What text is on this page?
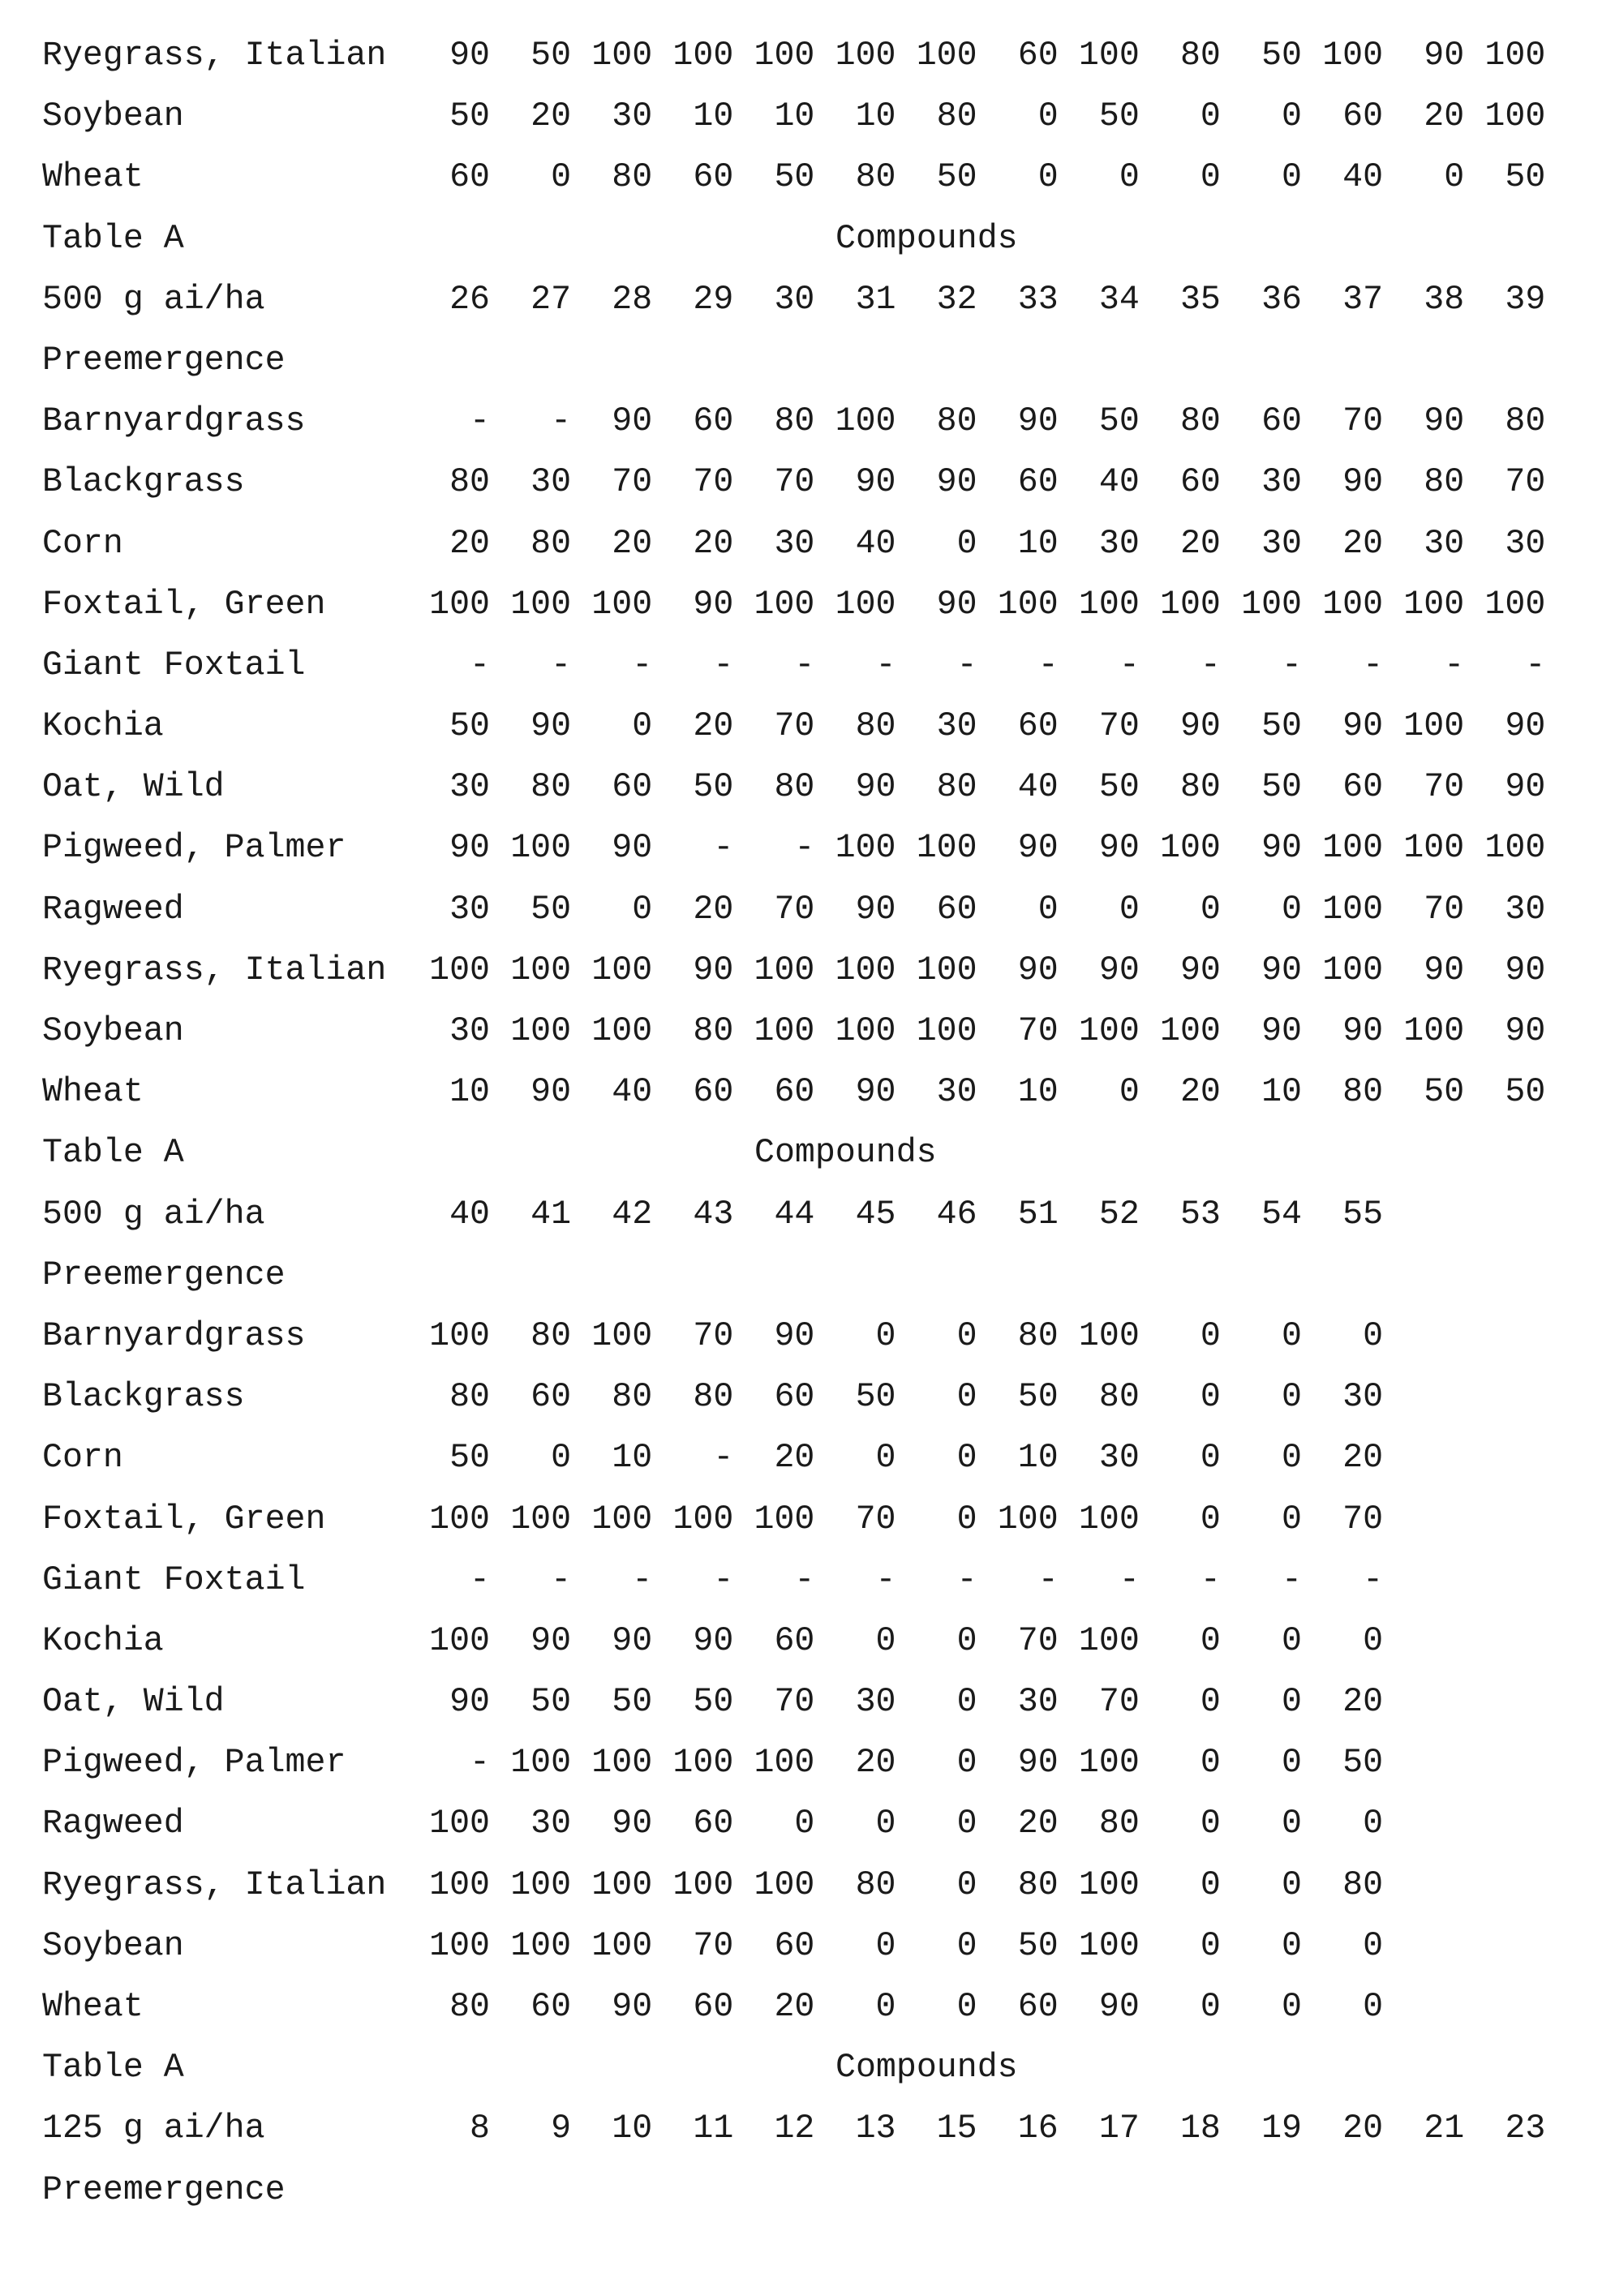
Ryegrass, Italian	90	50 100 100 100 100 100	60 100	80	50 100	90 100
Soybean	50	20	30	10	10	10	80	0	50	0	0	60	20 100
Wheat	60	0	80	60	50	80	50	0	0	0	0	40	0	50
Table A	Compounds
500 g ai/ha	26	27	28	29	30	31	32	33	34	35	36	37	38	39
Preemergence
Barnyardgrass	-	-	90	60	80 100	80	90	50	80	60	70	90	80
Blackgrass	80	30	70	70	70	90	90	60	40	60	30	90	80	70
Corn	20	80	20	20	30	40	0	10	30	20	30	20	30	30
Foxtail, Green	100 100 100	90 100 100	90 100 100 100 100 100 100 100
Giant Foxtail	-	-	-	-	-	-	-	-	-	-	-	-	-	-
Kochia	50	90	0	20	70	80	30	60	70	90	50	90 100	90
Oat, Wild	30	80	60	50	80	90	80	40	50	80	50	60	70	90
Pigweed, Palmer	90 100	90	-	- 100 100	90	90 100	90 100 100 100
Ragweed	30	50	0	20	70	90	60	0	0	0	0 100	70	30
Ryegrass, Italian	100 100 100	90 100 100 100	90	90	90	90 100	90	90
Soybean	30 100 100	80 100 100 100	70 100 100	90	90 100	90
Wheat	10	90	40	60	60	90	30	10	0	20	10	80	50	50
Table A	Compounds
500 g ai/ha	40	41	42	43	44	45	46	51	52	53	54	55
Preemergence
Barnyardgrass	100	80 100	70	90	0	0	80 100	0	0	0
Blackgrass	80	60	80	80	60	50	0	50	80	0	0	30
Corn	50	0	10	-	20	0	0	10	30	0	0	20
Foxtail, Green	100 100 100 100 100	70	0 100 100	0	0	70
Giant Foxtail	-	-	-	-	-	-	-	-	-	-	-	-
Kochia	100	90	90	90	60	0	0	70 100	0	0	0
Oat, Wild	90	50	50	50	70	30	0	30	70	0	0	20
Pigweed, Palmer	- 100 100 100 100	20	0	90 100	0	0	50
Ragweed	100	30	90	60	0	0	0	20	80	0	0	0
Ryegrass, Italian	100 100 100 100 100	80	0	80 100	0	0	80
Soybean	100 100 100	70	60	0	0	50 100	0	0	0
Wheat	80	60	90	60	20	0	0	60	90	0	0	0
Table A	Compounds
125 g ai/ha	8	9	10	11	12	13	15	16	17	18	19	20	21	23
Preemergence
